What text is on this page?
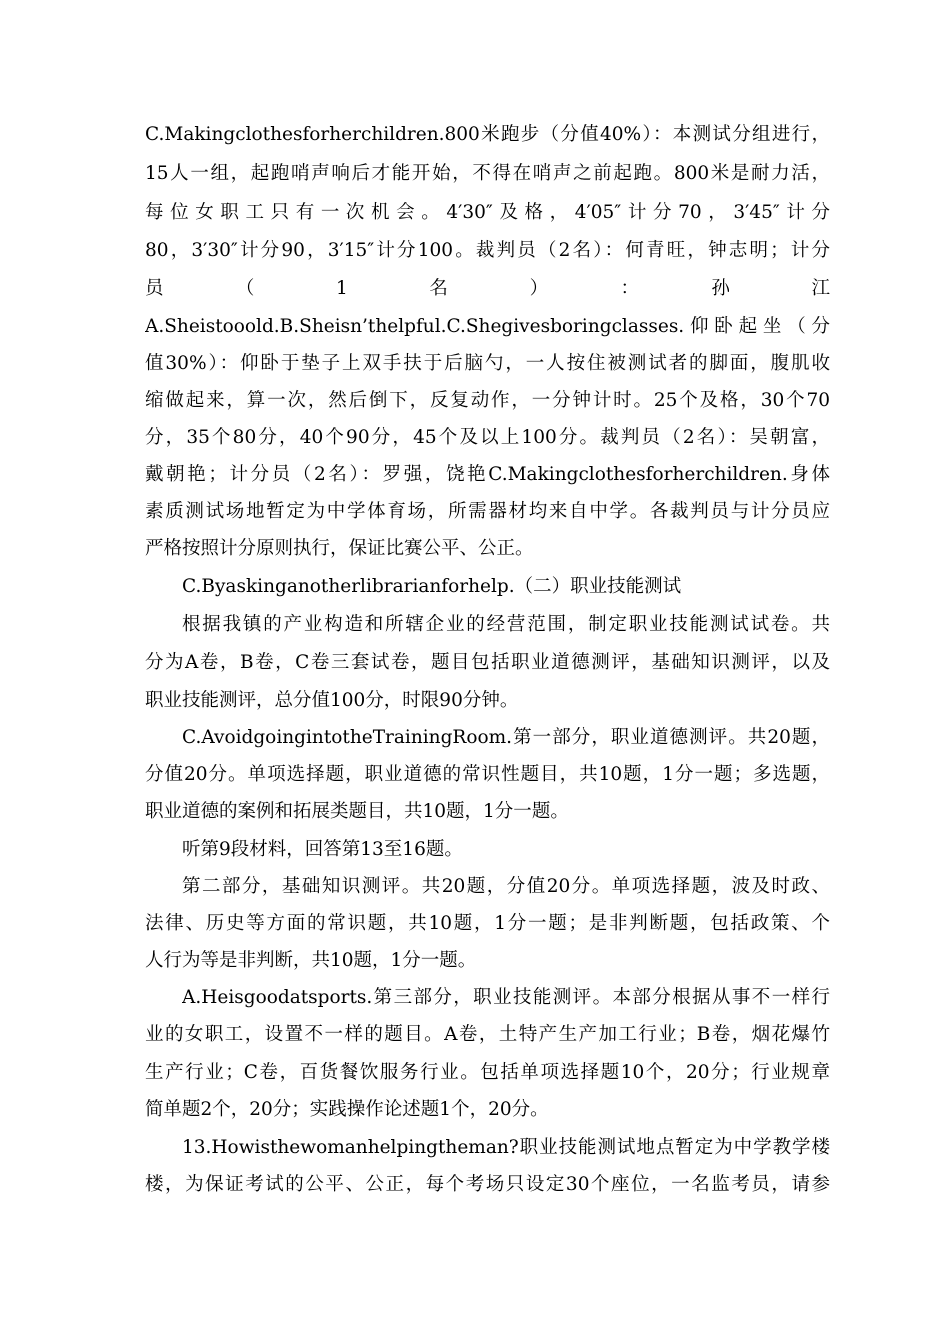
C.Makingclothesforherchildren.800米跑步（分值40%）：本测试分组进行，
15人一组，起跑哨声响后才能开始，不得在哨声之前起跑。800米是耐力活，
每位女职工只有一次机会。4′30″及格，4′05″计分70，3′45″计分
80，3′30″计分90，3′15″计分100。裁判员（2名）：何青旺，钟志明；计分
员　（　1　名　）　：　孙　江
A.Sheistooold.B.Sheisn’thelpful.C.Shegivesboringclasses.仰卧起坐（分
值30%）：仰卧于垫子上双手扶于后脑勺，一人按住被测试者的脚面，腹肌收
缩做起来，算一次，然后倒下，反复动作，一分钟计时。25个及格，30个70
分，35个80分，40个90分，45个及以上100分。裁判员（2名）：吴朝富，
戴朝艳；计分员（2名）：罗强，饶艳C.Makingclothesforherchildren.身体
素质测试场地暂定为中学体育场，所需器材均来自中学。各裁判员与计分员应
严格按照计分原则执行，保证比赛公平、公正。
C.Byaskinganotherlibrarianforhelp.（二）职业技能测试
根据我镇的产业构造和所辖企业的经营范围，制定职业技能测试试卷。共
分为A卷，B卷，C卷三套试卷，题目包括职业道德测评，基础知识测评，以及
职业技能测评，总分值100分，时限90分钟。
C.AvoidgoingintotheTrainingRoom.第一部分，职业道德测评。共20题，
分值20分。单项选择题，职业道德的常识性题目，共10题，1分一题；多选题，
职业道德的案例和拓展类题目，共10题，1分一题。
听第9段材料，回答第13至16题。
第二部分，基础知识测评。共20题，分值20分。单项选择题，波及时政、
法律、历史等方面的常识题，共10题，1分一题；是非判断题，包括政策、个
人行为等是非判断，共10题，1分一题。
A.Heisgoodatsports.第三部分，职业技能测评。本部分根据从事不一样行
业的女职工，设置不一样的题目。A卷，土特产生产加工行业；B卷，烟花爆竹
生产行业；C卷，百货餐饮服务行业。包括单项选择题10个，20分；行业规章
简单题2个，20分；实践操作论述题1个，20分。
13.Howisthewomanhelpingtheman?职业技能测试地点暂定为中学教学楼
楼，为保证考试的公平、公正，每个考场只设定30个座位，一名监考员，请参
